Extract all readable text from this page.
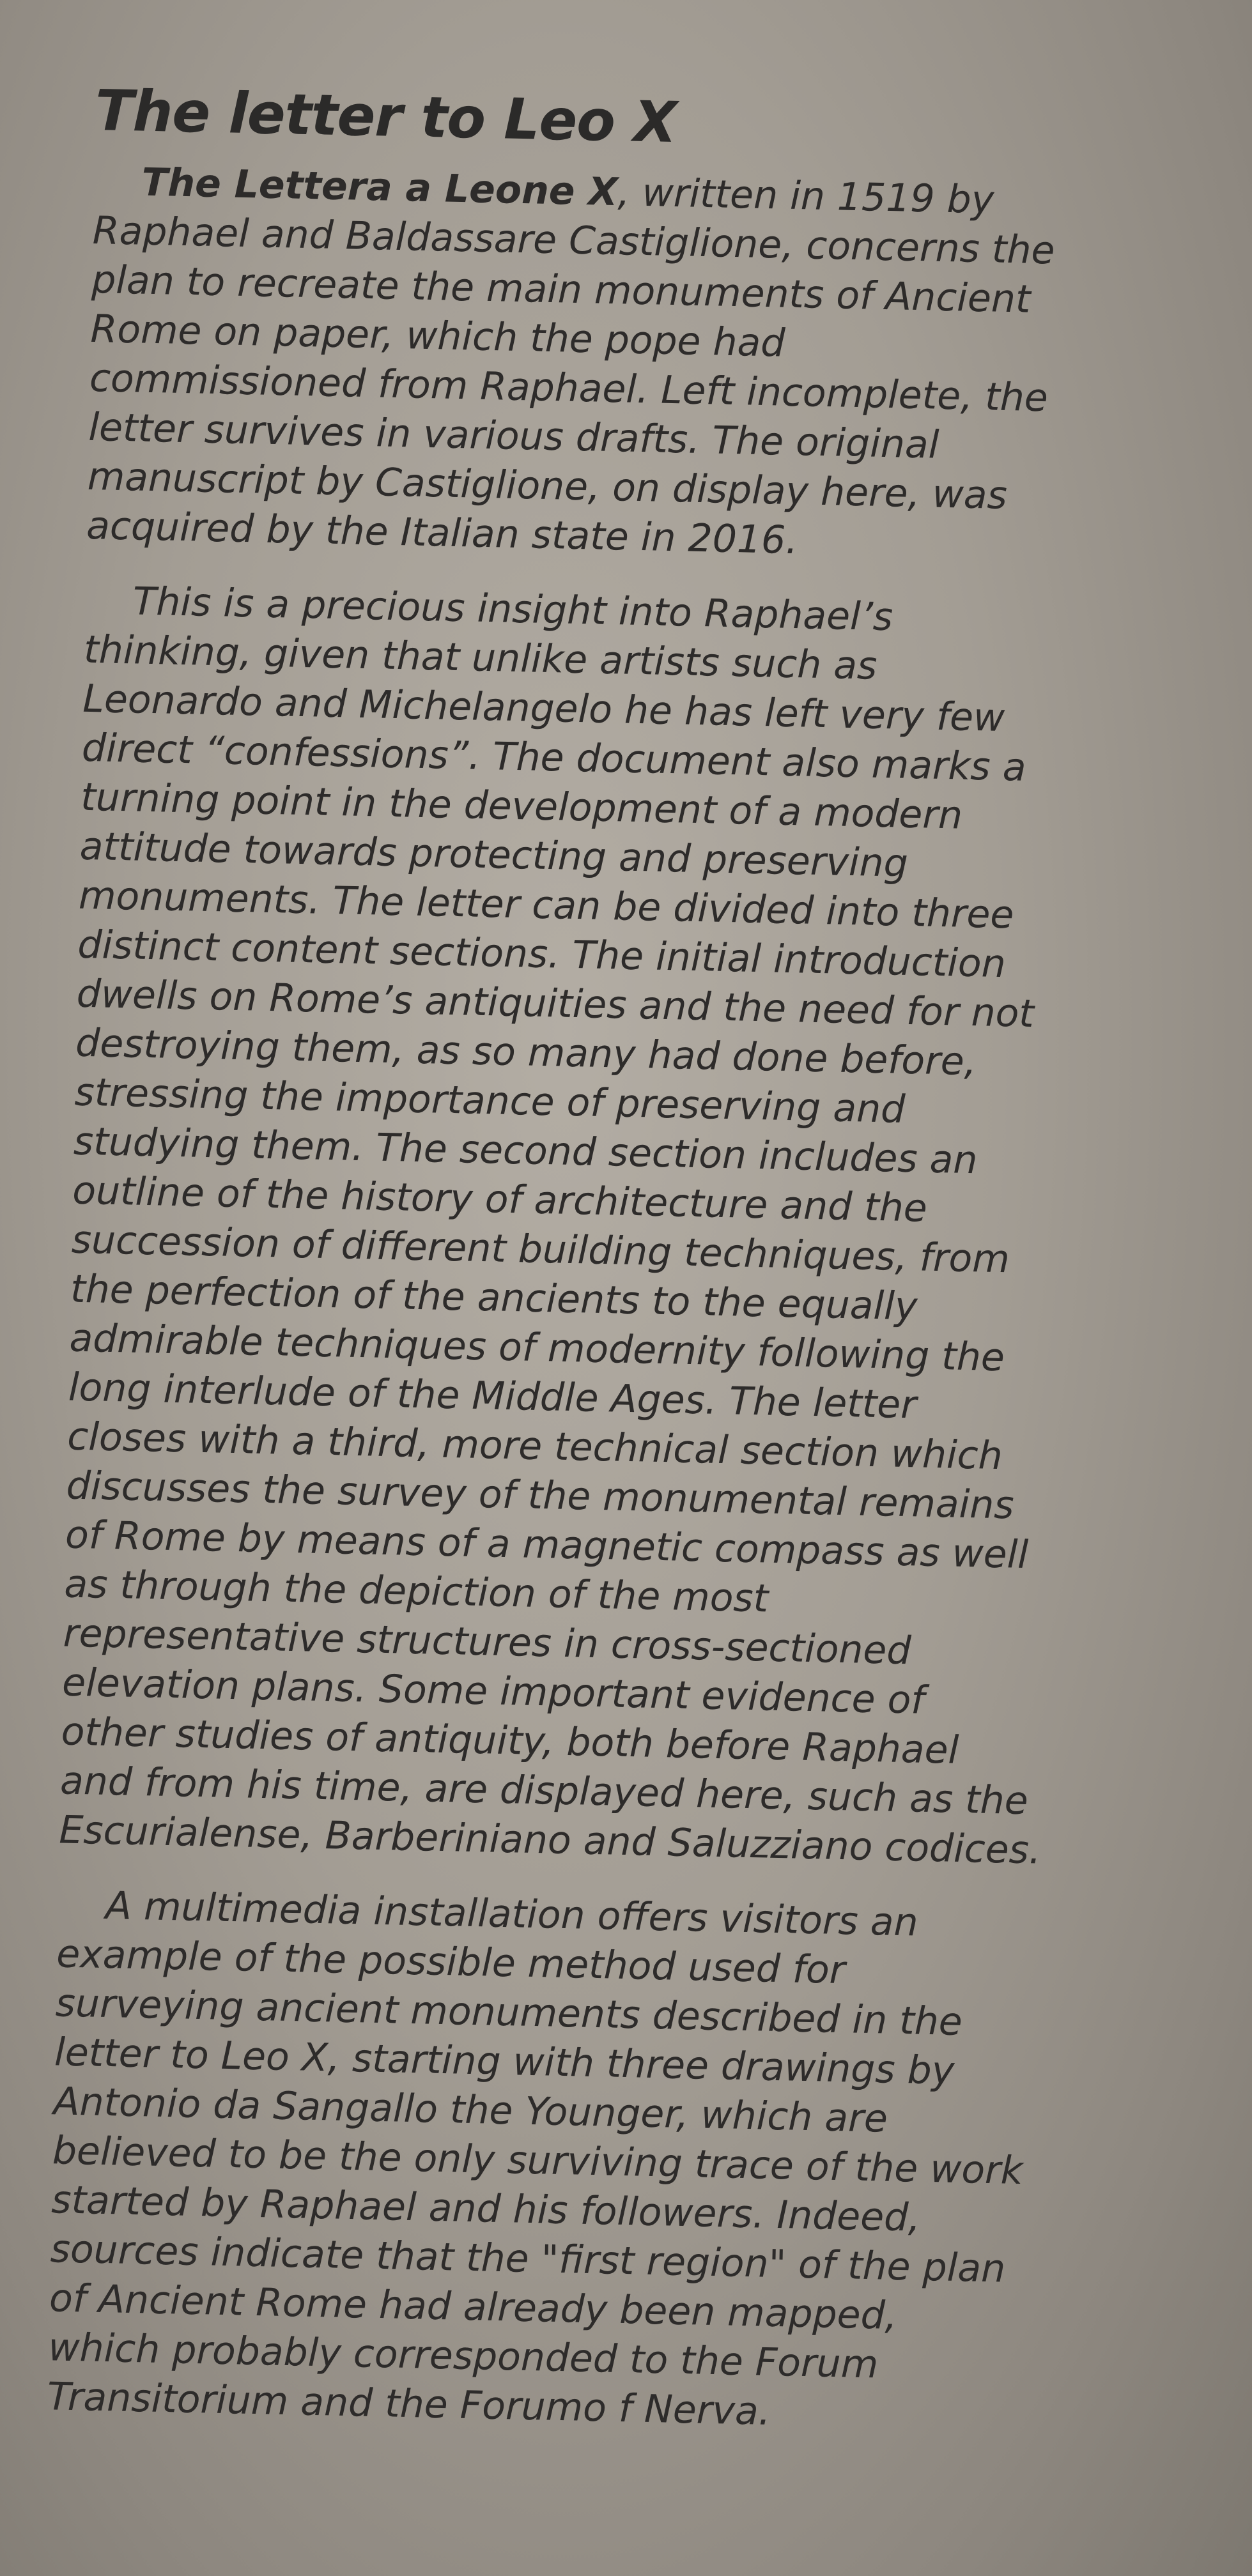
The letter to Leo X

The Lettera a Leone X, written in 1519 by
Raphael and Baldassare Castiglione, concerns the
plan to recreate the main monuments of Ancient
Rome on paper, which the pope had
commissioned from Raphael. Left incomplete, the
letter survives in various drafts. The original
manuscript by Castiglione, on display here, was
acquired by the Italian state in 2016.

This is a precious insight into Raphael’s
thinking, given that unlike artists such as
Leonardo and Michelangelo he has left very few
direct “confessions”. The document also marks a
turning point in the development of a modern
attitude towards protecting and preserving
monuments. The letter can be divided into three
distinct content sections. The initial introduction
dwells on Rome’s antiquities and the need for not
destroying them, as so many had done before,
stressing the importance of preserving and
studying them. The second section includes an
outline of the history of architecture and the
succession of different building techniques, from
the perfection of the ancients to the equally
admirable techniques of modernity following the
long interlude of the Middle Ages. The letter
closes with a third, more technical section which
discusses the survey of the monumental remains
of Rome by means of a magnetic compass as well
as through the depiction of the most
representative structures in cross-sectioned
elevation plans. Some important evidence of
other studies of antiquity, both before Raphael
and from his time, are displayed here, such as the
Escurialense, Barberiniano and Saluzziano codices.

A multimedia installation offers visitors an
example of the possible method used for
surveying ancient monuments described in the
letter to Leo X, starting with three drawings by
Antonio da Sangallo the Younger, which are
believed to be the only surviving trace of the work
started by Raphael and his followers. Indeed,
sources indicate that the "first region" of the plan
of Ancient Rome had already been mapped,
which probably corresponded to the Forum
Transitorium and the Forumo f Nerva.
